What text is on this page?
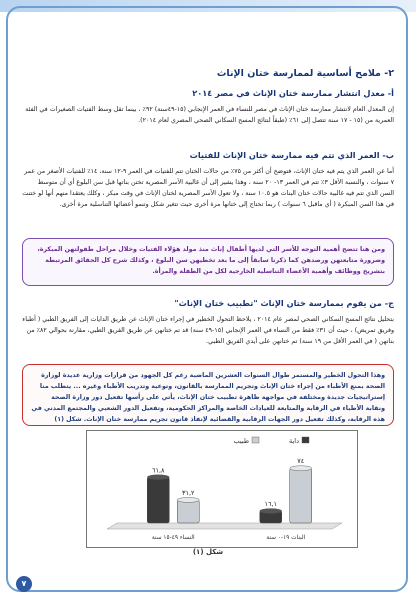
٢- ملامح أساسية لممارسة ختان الإناث
أ- معدل انتشار ممارسة ختان الإناث في مصر ٢٠١٤
إن المعدل العام لانتشار ممارسة ختان الإناث في مصر للنساء في العمر الإنجابي (١٥-٤٩سنة) ٩٢٪ ، بينما تقل وسط الفتيات الصغيرات في الفئة العمرية من (١٥ - ١٧ سنة تتصل إلى ٦١٪ (طبقاً لنتائج المسح السكاني الصحي المصري لعام ٢٠١٤).
ب- العمر الذي تتم فيه ممارسة ختان الإناث للفتيات
أما عن العمر الذي يتم فيه ختان الإناث، فتوضح أن أكثر من ٧٥٪ من حالات الختان تتم للفتيات في العمر ٩-١٢ سنة، ١٤٪ للفتيات الأصغر من عمر ٧ سنوات ، والنسبة الأقل ٣٪ تتم في العمر ١٣- ٢٠ سنة ، وهذا يشير إلى أن غالبية الأسر المصرية تختن بناتها قبل سن البلوغ أي أن متوسط السن الذي تتم فيه غالبية حالات ختان البنات هو ١٠.٥ سنة ، ولا تعول الأسر المصرية لختان الإناث في وقت مبكر ، وكلك يعتقدا منهم أنها لو ختنت في هذا السن المبكرة ( أي ماقبل ٦ سنوات ) ربما تحتاج إلى ختانها مرة أخرى حيث تتغير شكل وتنمو أعضائها التناسلية مرة أخرى.
ومن هنا تتضح أهمية التوجه للأسر التي لديها أطفال إناث منذ مولد هؤلاء الفتيات وخلال مراحل طفولتهن المبكرة، وضرورة متابعتهن ورصدهن كما ذكرنا سابقاً إلى ما بعد تخطيهن سن البلوغ ، وكذلك شرح كل الحقائق المرتبطة بتشريح ووظائف وأهمية الأعضاء التناسلية الخارجية لكل من الطفلة والمرأة.
ج- من يقوم بممارسة ختان الإناث "تطبيب ختان الإناث"
بتحليل نتائج المسح السكاني الصحي لمصر عام ٢٠١٤ ، يلاحظ التحول الخطير في إجراء ختان الإناث عن طريق الدايات إلى الفريق الطبي ( أطباء وفريق تمريض) ، حيث أن ٣١٪ فقط من النساء في العمر الإنجابي (١٥-٤٩ سنة) قد تم ختانهن عن طريق الفريق الطبي، مقارنة بحوالي ٨٢٪ من بناتهن ( في العمر الأقل من ١٩ سنة) تم ختانهن على أيدي الفريق الطبي.
وهذا التحول الخطير والمستمر طوال السنوات العشرين الماضية رغم كل الجهود من قرارات وزارية عديدة لوزارة الصحة بمنع الأطباء من إجراء ختان الإناث وتجريم الممارسة بالقانون، وتوعية وتدريب الأطباء وغيره ... يتطلب منا إستراتيجيات جديدة ومختلفة في مواجهة ظاهرة تطبيب ختان الإناث، يأتي على رأسها تفعيل دور وزارة الصحة ونقابة الأطباء في الرقابة والمتابعة للعيادات الخاصة والمراكز الحكومية، وتفعيل الدور الشعبي والمجتمع المدني في هذه الرقابة، وكذلك تفعيل دور الجهات الرقابية والقضائية لإنفاذ قانون تجريم ممارسة ختان الإناث. شكل (١)
داية
طبيب
٦١,٨
٣١,٢
النساء ٤٩-١٥ سنة
١٦,١
٧٤
البنات ١٩-٠ سنة
شكل (١)
٧
